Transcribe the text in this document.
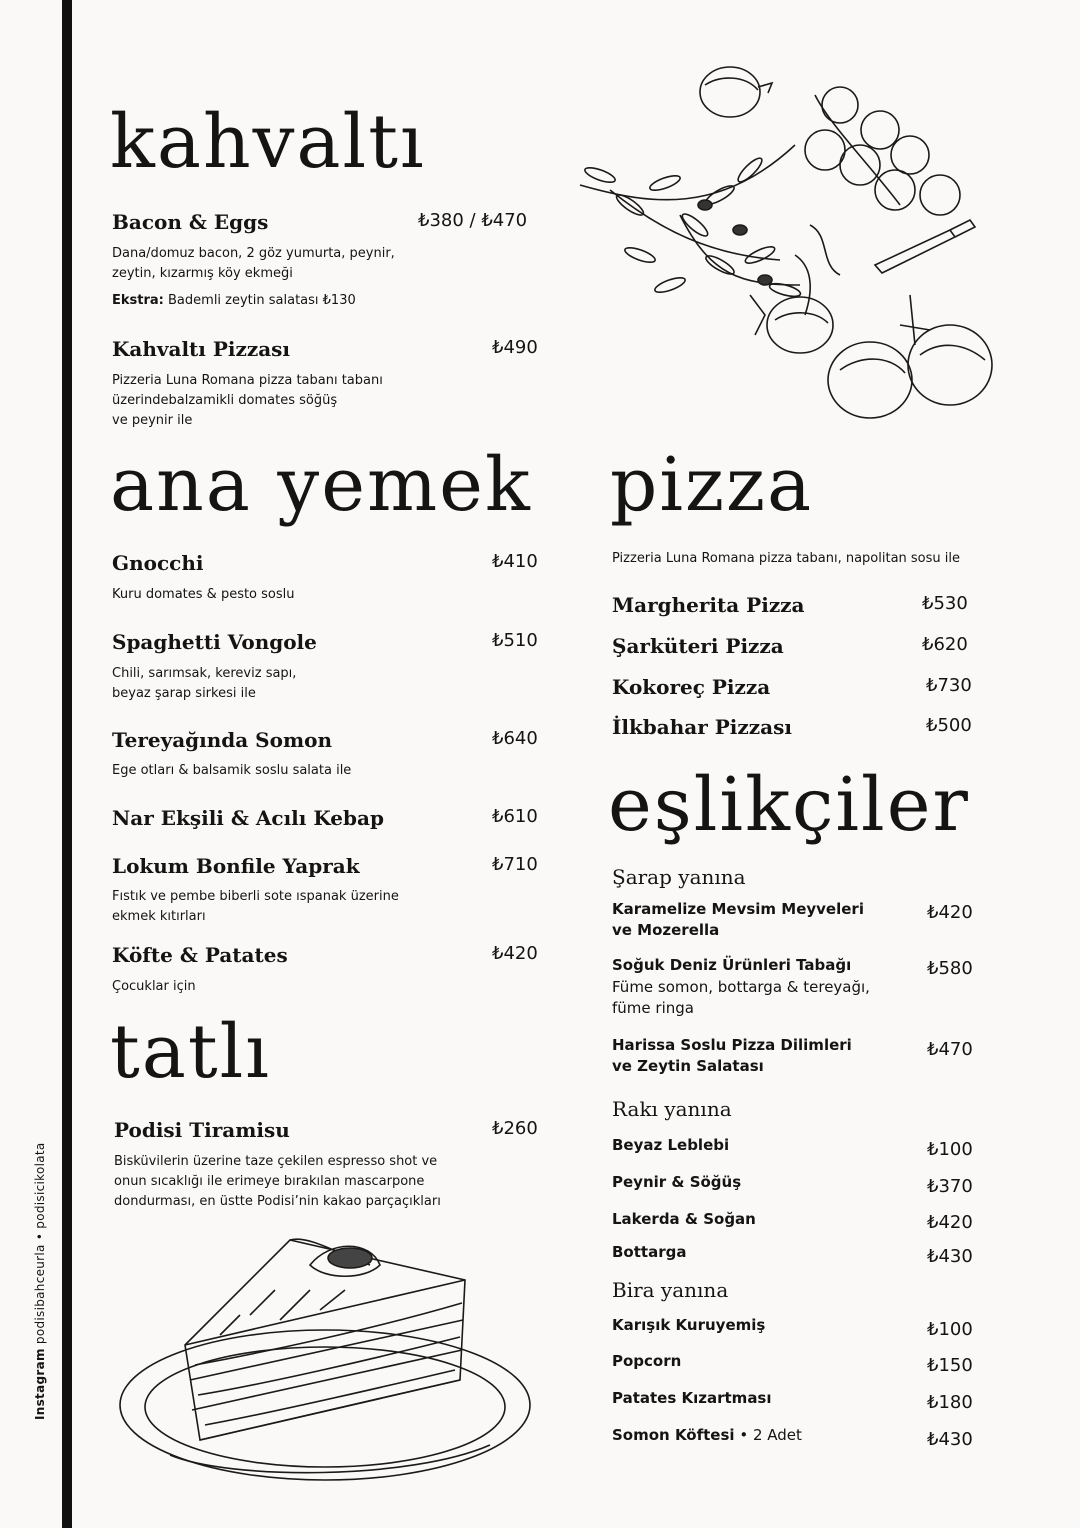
Instagram podisibahceurla • podisicikolata
kahvaltı
Bacon & Eggs	₺380 / ₺470
Dana/domuz bacon, 2 göz yumurta, peynir,
zeytin, kızarmış köy ekmeği
Ekstra: Bademli zeytin salatası ₺130
Kahvaltı Pizzası	₺490
Pizzeria Luna Romana pizza tabanı tabanı
üzerindebalzamikli domates söğüş
ve peynir ile
ana yemek
Gnocchi	₺410
Kuru domates & pesto soslu
Spaghetti Vongole	₺510
Chili, sarımsak, kereviz sapı,
beyaz şarap sirkesi ile
Tereyağında Somon	₺640
Ege otları & balsamik soslu salata ile
Nar Ekşili & Acılı Kebap	₺610
Lokum Bonfile Yaprak	₺710
Fıstık ve pembe biberli sote ıspanak üzerine
ekmek kıtırları
Köfte & Patates	₺420
Çocuklar için
tatlı
Podisi Tiramisu	₺260
Bisküvilerin üzerine taze çekilen espresso shot ve
onun sıcaklığı ile erimeye bırakılan mascarpone
dondurması, en üstte Podisi’nin kakao parçaçıkları
pizza
Pizzeria Luna Romana pizza tabanı, napolitan sosu ile
Margherita Pizza	₺530
Şarküteri Pizza	₺620
Kokoreç Pizza	₺730
İlkbahar Pizzası	₺500
eşlikçiler
Şarap yanına
Karamelize Mevsim Meyveleri
ve Mozerella
₺420
Soğuk Deniz Ürünleri Tabağı
Füme somon, bottarga & tereyağı,
füme ringa
₺580
Harissa Soslu Pizza Dilimleri
ve Zeytin Salatası
₺470
Rakı yanına
Beyaz Leblebi	₺100
Peynir & Söğüş	₺370
Lakerda & Soğan	₺420
Bottarga	₺430
Bira yanına
Karışık Kuruyemiş	₺100
Popcorn	₺150
Patates Kızartması	₺180
Somon Köftesi • 2 Adet	₺430
